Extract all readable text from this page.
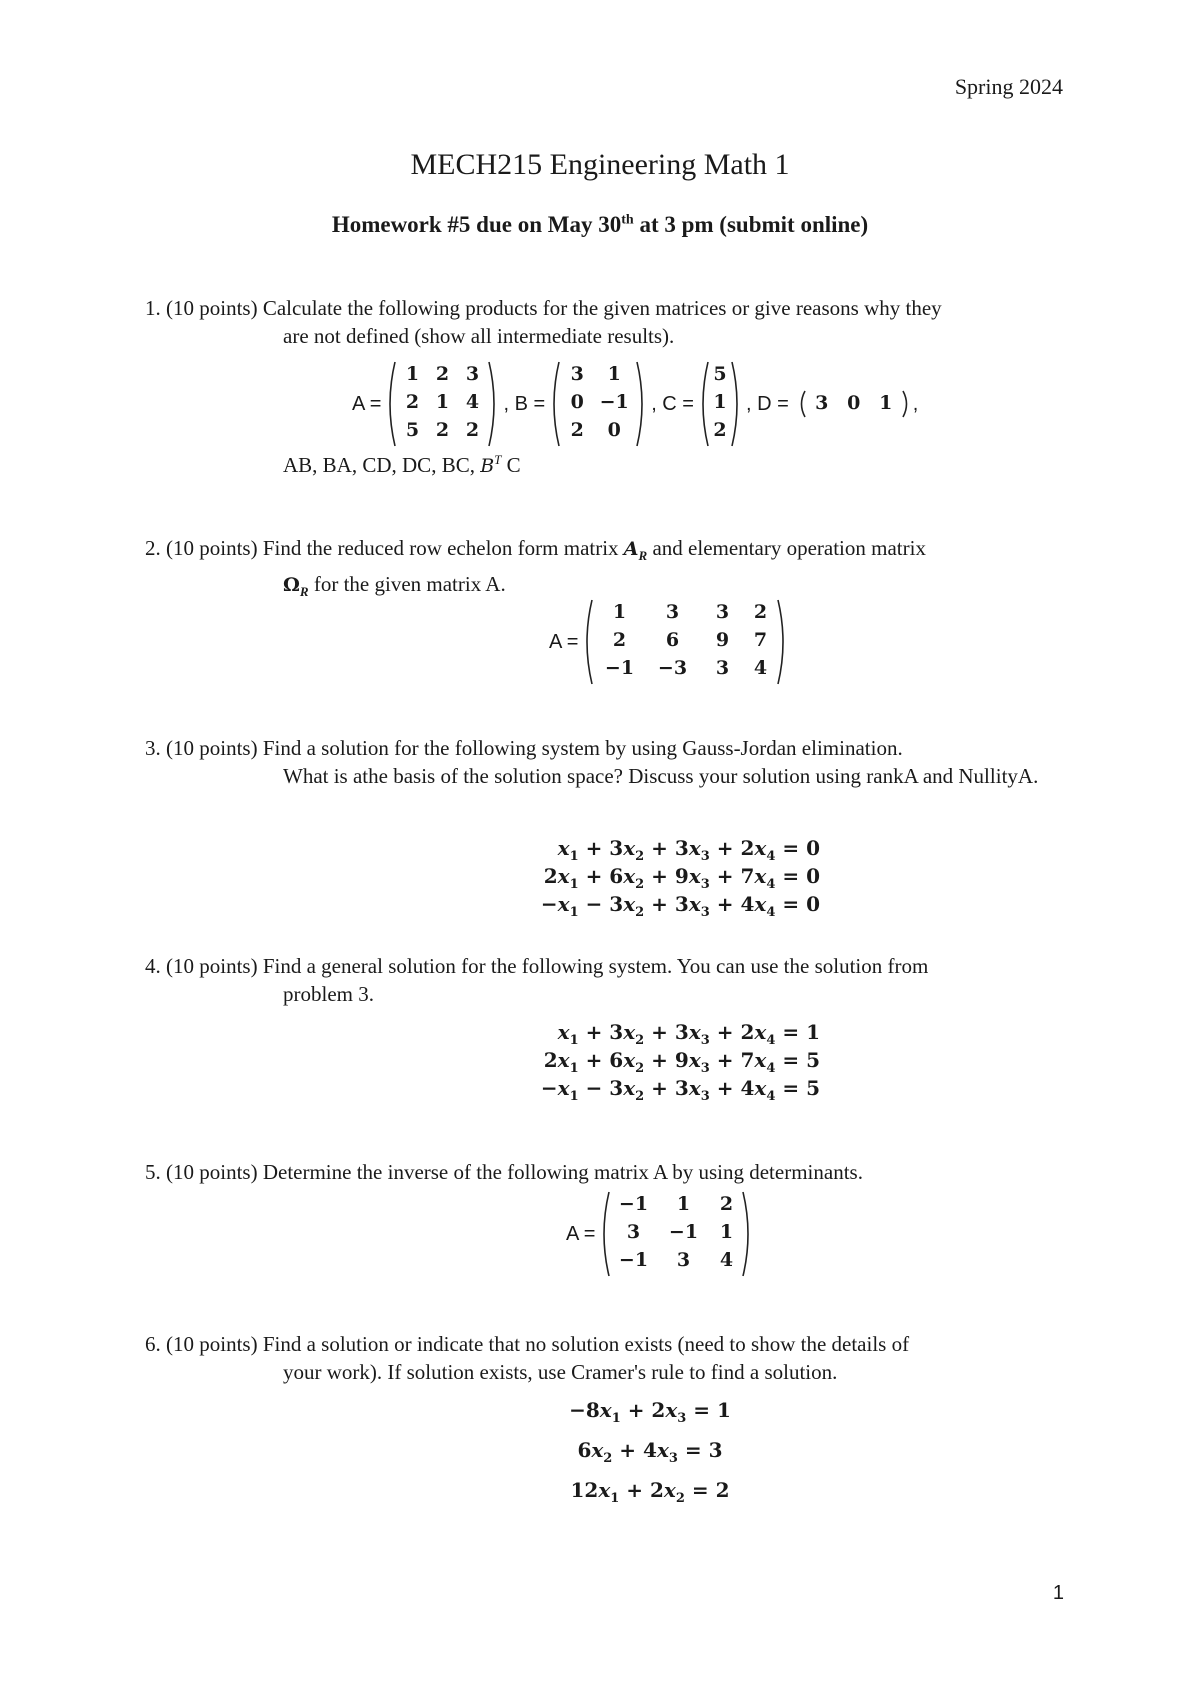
Spring 2024
MECH215 Engineering Math 1
Homework #5 due on May 30th at 3 pm (submit online)
1. (10 points) Calculate the following products for the given matrices or give reasons why they
are not defined (show all intermediate results).
A =
1 2 3
2 1 4
5 2 2
, B =
3	1
0 −1
2	0
, C =
5
1
2
, D =	3 0 1	,
AB, BA, CD, DC, BC, $B^T$ C
2. (10 points) Find the reduced row echelon form matrix $A_R$ and elementary operation matrix
$\Omega_R$ for the given matrix A.
A =
1	3	3	2
2	6	9	7
−1	−3	3	4
3. (10 points) Find a solution for the following system by using Gauss-Jordan elimination.
What is athe basis of the solution space? Discuss your solution using rankA and NullityA.
$x_1 + 3x_2 + 3x_3 + 2x_4 = 0$
$2x_1 + 6x_2 + 9x_3 + 7x_4 = 0$
$-x_1 - 3x_2 + 3x_3 + 4x_4 = 0$
4. (10 points) Find a general solution for the following system. You can use the solution from
problem 3.
$x_1 + 3x_2 + 3x_3 + 2x_4 = 1$
$2x_1 + 6x_2 + 9x_3 + 7x_4 = 5$
$-x_1 - 3x_2 + 3x_3 + 4x_4 = 5$
5. (10 points) Determine the inverse of the following matrix A by using determinants.
A =
−1	1	2
3	−1	1
−1	3	4
6. (10 points) Find a solution or indicate that no solution exists (need to show the details of
your work). If solution exists, use Cramer's rule to find a solution.
$-8x_1 + 2x_3 = 1$
$6x_2 + 4x_3 = 3$
$12x_1 + 2x_2 = 2$
1
